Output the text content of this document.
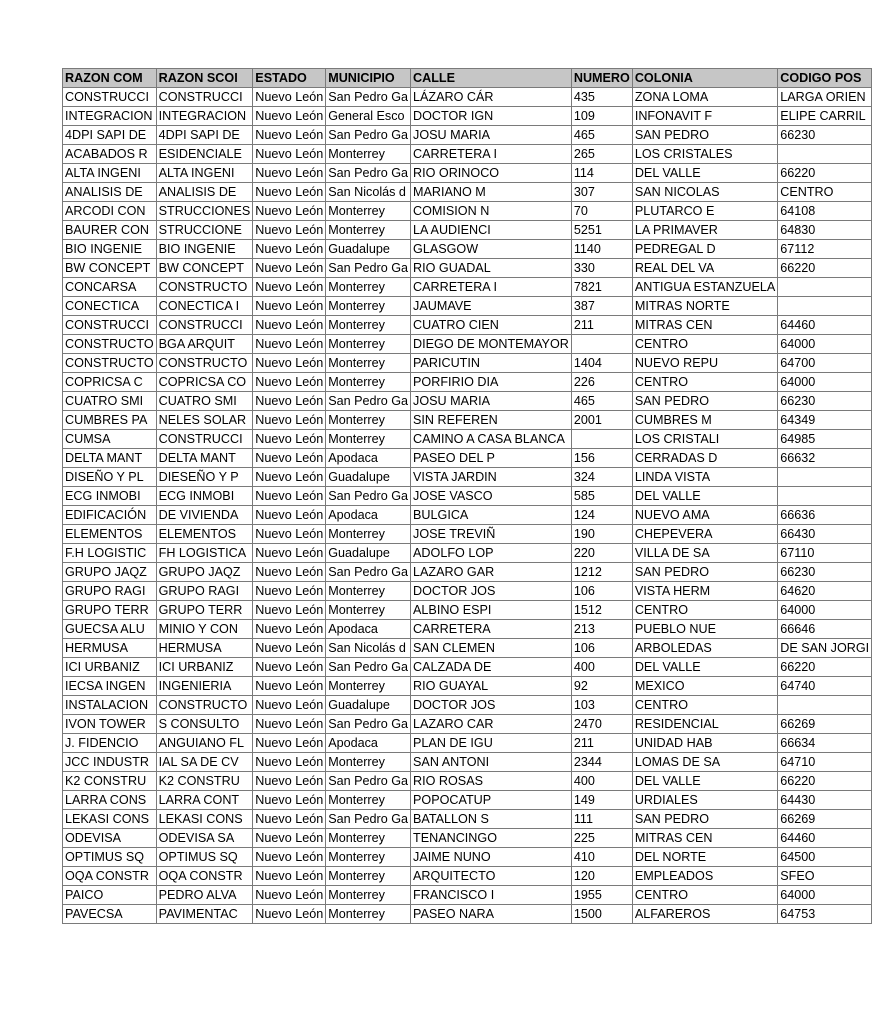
RAZON COM	RAZON SCOI	ESTADO	MUNICIPIO	CALLE	NUMERO	COLONIA	CODIGO POS
CONSTRUCCI	CONSTRUCCI	Nuevo León	San Pedro Ga	LÁZARO CÁR	435	ZONA LOMA	LARGA ORIEN
INTEGRACION	INTEGRACION	Nuevo León	General Esco	DOCTOR IGN	109	INFONAVIT F	ELIPE CARRIL
4DPI SAPI DE	4DPI SAPI DE	Nuevo León	San Pedro Ga	JOSU MARIA	465	SAN PEDRO	66230
ACABADOS R	ESIDENCIALE	Nuevo León	Monterrey	CARRETERA I	265	LOS CRISTALES	
ALTA INGENI	ALTA INGENI	Nuevo León	San Pedro Ga	RIO ORINOCO	114	DEL VALLE	66220
ANALISIS DE	ANALISIS DE	Nuevo León	San Nicolás d	MARIANO M	307	SAN NICOLAS	CENTRO
ARCODI CON	STRUCCIONES	Nuevo León	Monterrey	COMISION N	70	PLUTARCO E	64108
BAURER CON	STRUCCIONE	Nuevo León	Monterrey	LA AUDIENCI	5251	LA PRIMAVER	64830
BIO INGENIE	BIO INGENIE	Nuevo León	Guadalupe	GLASGOW	1140	PEDREGAL D	67112
BW CONCEPT	BW CONCEPT	Nuevo León	San Pedro Ga	RIO GUADAL	330	REAL DEL VA	66220
CONCARSA	CONSTRUCTO	Nuevo León	Monterrey	CARRETERA I	7821	ANTIGUA ESTANZUELA	
CONECTICA	CONECTICA I	Nuevo León	Monterrey	JAUMAVE	387	MITRAS NORTE	
CONSTRUCCI	CONSTRUCCI	Nuevo León	Monterrey	CUATRO CIEN	211	MITRAS CEN	64460
CONSTRUCTO	BGA ARQUIT	Nuevo León	Monterrey	DIEGO DE MONTEMAYOR		CENTRO	64000
CONSTRUCTO	CONSTRUCTO	Nuevo León	Monterrey	PARICUTIN	1404	NUEVO REPU	64700
COPRICSA C	COPRICSA CO	Nuevo León	Monterrey	PORFIRIO DIA	226	CENTRO	64000
CUATRO SMI	CUATRO SMI	Nuevo León	San Pedro Ga	JOSU MARIA	465	SAN PEDRO	66230
CUMBRES PA	NELES SOLAR	Nuevo León	Monterrey	SIN REFEREN	2001	CUMBRES M	64349
CUMSA	CONSTRUCCI	Nuevo León	Monterrey	CAMINO A CASA BLANCA		LOS CRISTALI	64985
DELTA MANT	DELTA MANT	Nuevo León	Apodaca	PASEO DEL P	156	CERRADAS D	66632
DISEÑO Y PL	DIESEÑO Y P	Nuevo León	Guadalupe	VISTA JARDIN	324	LINDA VISTA	
ECG INMOBI	ECG INMOBI	Nuevo León	San Pedro Ga	JOSE VASCO	585	DEL VALLE	
EDIFICACIÓN	DE VIVIENDA	Nuevo León	Apodaca	BULGICA	124	NUEVO AMA	66636
ELEMENTOS	ELEMENTOS	Nuevo León	Monterrey	JOSE TREVIÑ	190	CHEPEVERA	66430
F.H LOGISTIC	FH LOGISTICA	Nuevo León	Guadalupe	ADOLFO LOP	220	VILLA DE SA	67110
GRUPO JAQZ	GRUPO JAQZ	Nuevo León	San Pedro Ga	LAZARO GAR	1212	SAN PEDRO	66230
GRUPO RAGI	GRUPO RAGI	Nuevo León	Monterrey	DOCTOR JOS	106	VISTA HERM	64620
GRUPO TERR	GRUPO TERR	Nuevo León	Monterrey	ALBINO ESPI	1512	CENTRO	64000
GUECSA ALU	MINIO Y CON	Nuevo León	Apodaca	CARRETERA	213	PUEBLO NUE	66646
HERMUSA	HERMUSA	Nuevo León	San Nicolás d	SAN CLEMEN	106	ARBOLEDAS	DE SAN JORGI
ICI URBANIZ	ICI URBANIZ	Nuevo León	San Pedro Ga	CALZADA DE	400	DEL VALLE	66220
IECSA INGEN	INGENIERIA	Nuevo León	Monterrey	RIO GUAYAL	92	MEXICO	64740
INSTALACION	CONSTRUCTO	Nuevo León	Guadalupe	DOCTOR JOS	103	CENTRO	
IVON TOWER	S CONSULTO	Nuevo León	San Pedro Ga	LAZARO CAR	2470	RESIDENCIAL	66269
J. FIDENCIO	ANGUIANO FL	Nuevo León	Apodaca	PLAN DE IGU	211	UNIDAD HAB	66634
JCC INDUSTR	IAL SA DE CV	Nuevo León	Monterrey	SAN ANTONI	2344	LOMAS DE SA	64710
K2 CONSTRU	K2 CONSTRU	Nuevo León	San Pedro Ga	RIO ROSAS	400	DEL VALLE	66220
LARRA CONS	LARRA CONT	Nuevo León	Monterrey	POPOCATUP	149	URDIALES	64430
LEKASI CONS	LEKASI CONS	Nuevo León	San Pedro Ga	BATALLON S	111	SAN PEDRO	66269
ODEVISA	ODEVISA SA	Nuevo León	Monterrey	TENANCINGO	225	MITRAS CEN	64460
OPTIMUS SQ	OPTIMUS SQ	Nuevo León	Monterrey	JAIME NUNO	410	DEL NORTE	64500
OQA CONSTR	OQA CONSTR	Nuevo León	Monterrey	ARQUITECTO	120	EMPLEADOS	SFEO
PAICO	PEDRO ALVA	Nuevo León	Monterrey	FRANCISCO I	1955	CENTRO	64000
PAVECSA	PAVIMENTAC	Nuevo León	Monterrey	PASEO NARA	1500	ALFAREROS	64753
